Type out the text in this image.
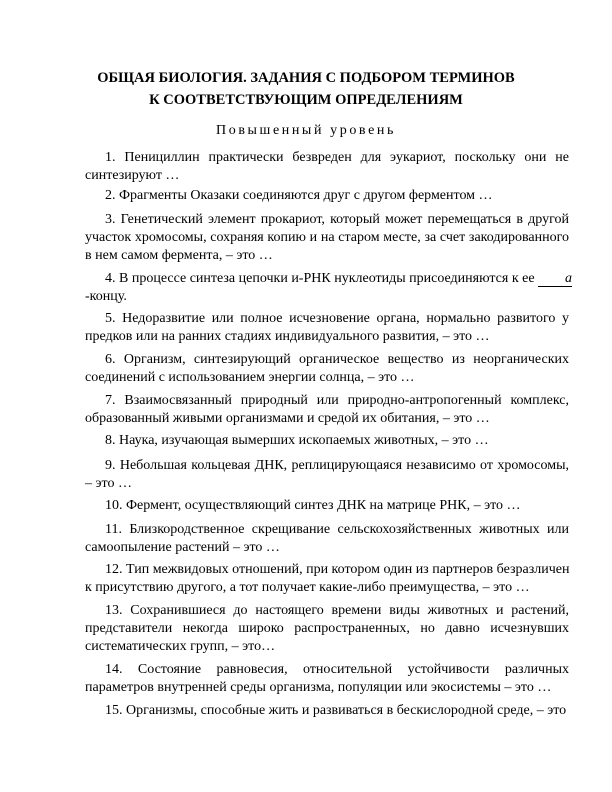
ОБЩАЯ БИОЛОГИЯ. ЗАДАНИЯ С ПОДБОРОМ ТЕРМИНОВ
К СООТВЕТСТВУЮЩИМ ОПРЕДЕЛЕНИЯМ
Повышенный уровень
1. Пенициллин практически безвреден для эукариот, поскольку они не
синтезируют …
2. Фрагменты Оказаки соединяются друг с другом ферментом …
3. Генетический элемент прокариот, который может перемещаться в другой
участок хромосомы, сохраняя копию и на старом месте, за счет закодированного
в нем самом фермента, – это …
4. В процессе синтеза цепочки и-РНК нуклеотиды присоединяются к ее а
-концу.
5. Недоразвитие или полное исчезновение органа, нормально развитого у
предков или на ранних стадиях индивидуального развития, – это …
6. Организм, синтезирующий органическое вещество из неорганических
соединений с использованием энергии солнца, – это …
7. Взаимосвязанный природный или природно-антропогенный комплекс,
образованный живыми организмами и средой их обитания, – это …
8. Наука, изучающая вымерших ископаемых животных, – это …
9. Небольшая кольцевая ДНК, реплицирующаяся независимо от хромосомы,
– это …
10. Фермент, осуществляющий синтез ДНК на матрице РНК, – это …
11. Близкородственное скрещивание сельскохозяйственных животных или
самоопыление растений – это …
12. Тип межвидовых отношений, при котором один из партнеров безразличен
к присутствию другого, а тот получает какие-либо преимущества, – это …
13. Сохранившиеся до настоящего времени виды животных и растений,
представители некогда широко распространенных, но давно исчезнувших
систематических групп, – это…
14. Состояние равновесия, относительной устойчивости различных
параметров внутренней среды организма, популяции или экосистемы – это …
15. Организмы, способные жить и развиваться в бескислородной среде, – это
